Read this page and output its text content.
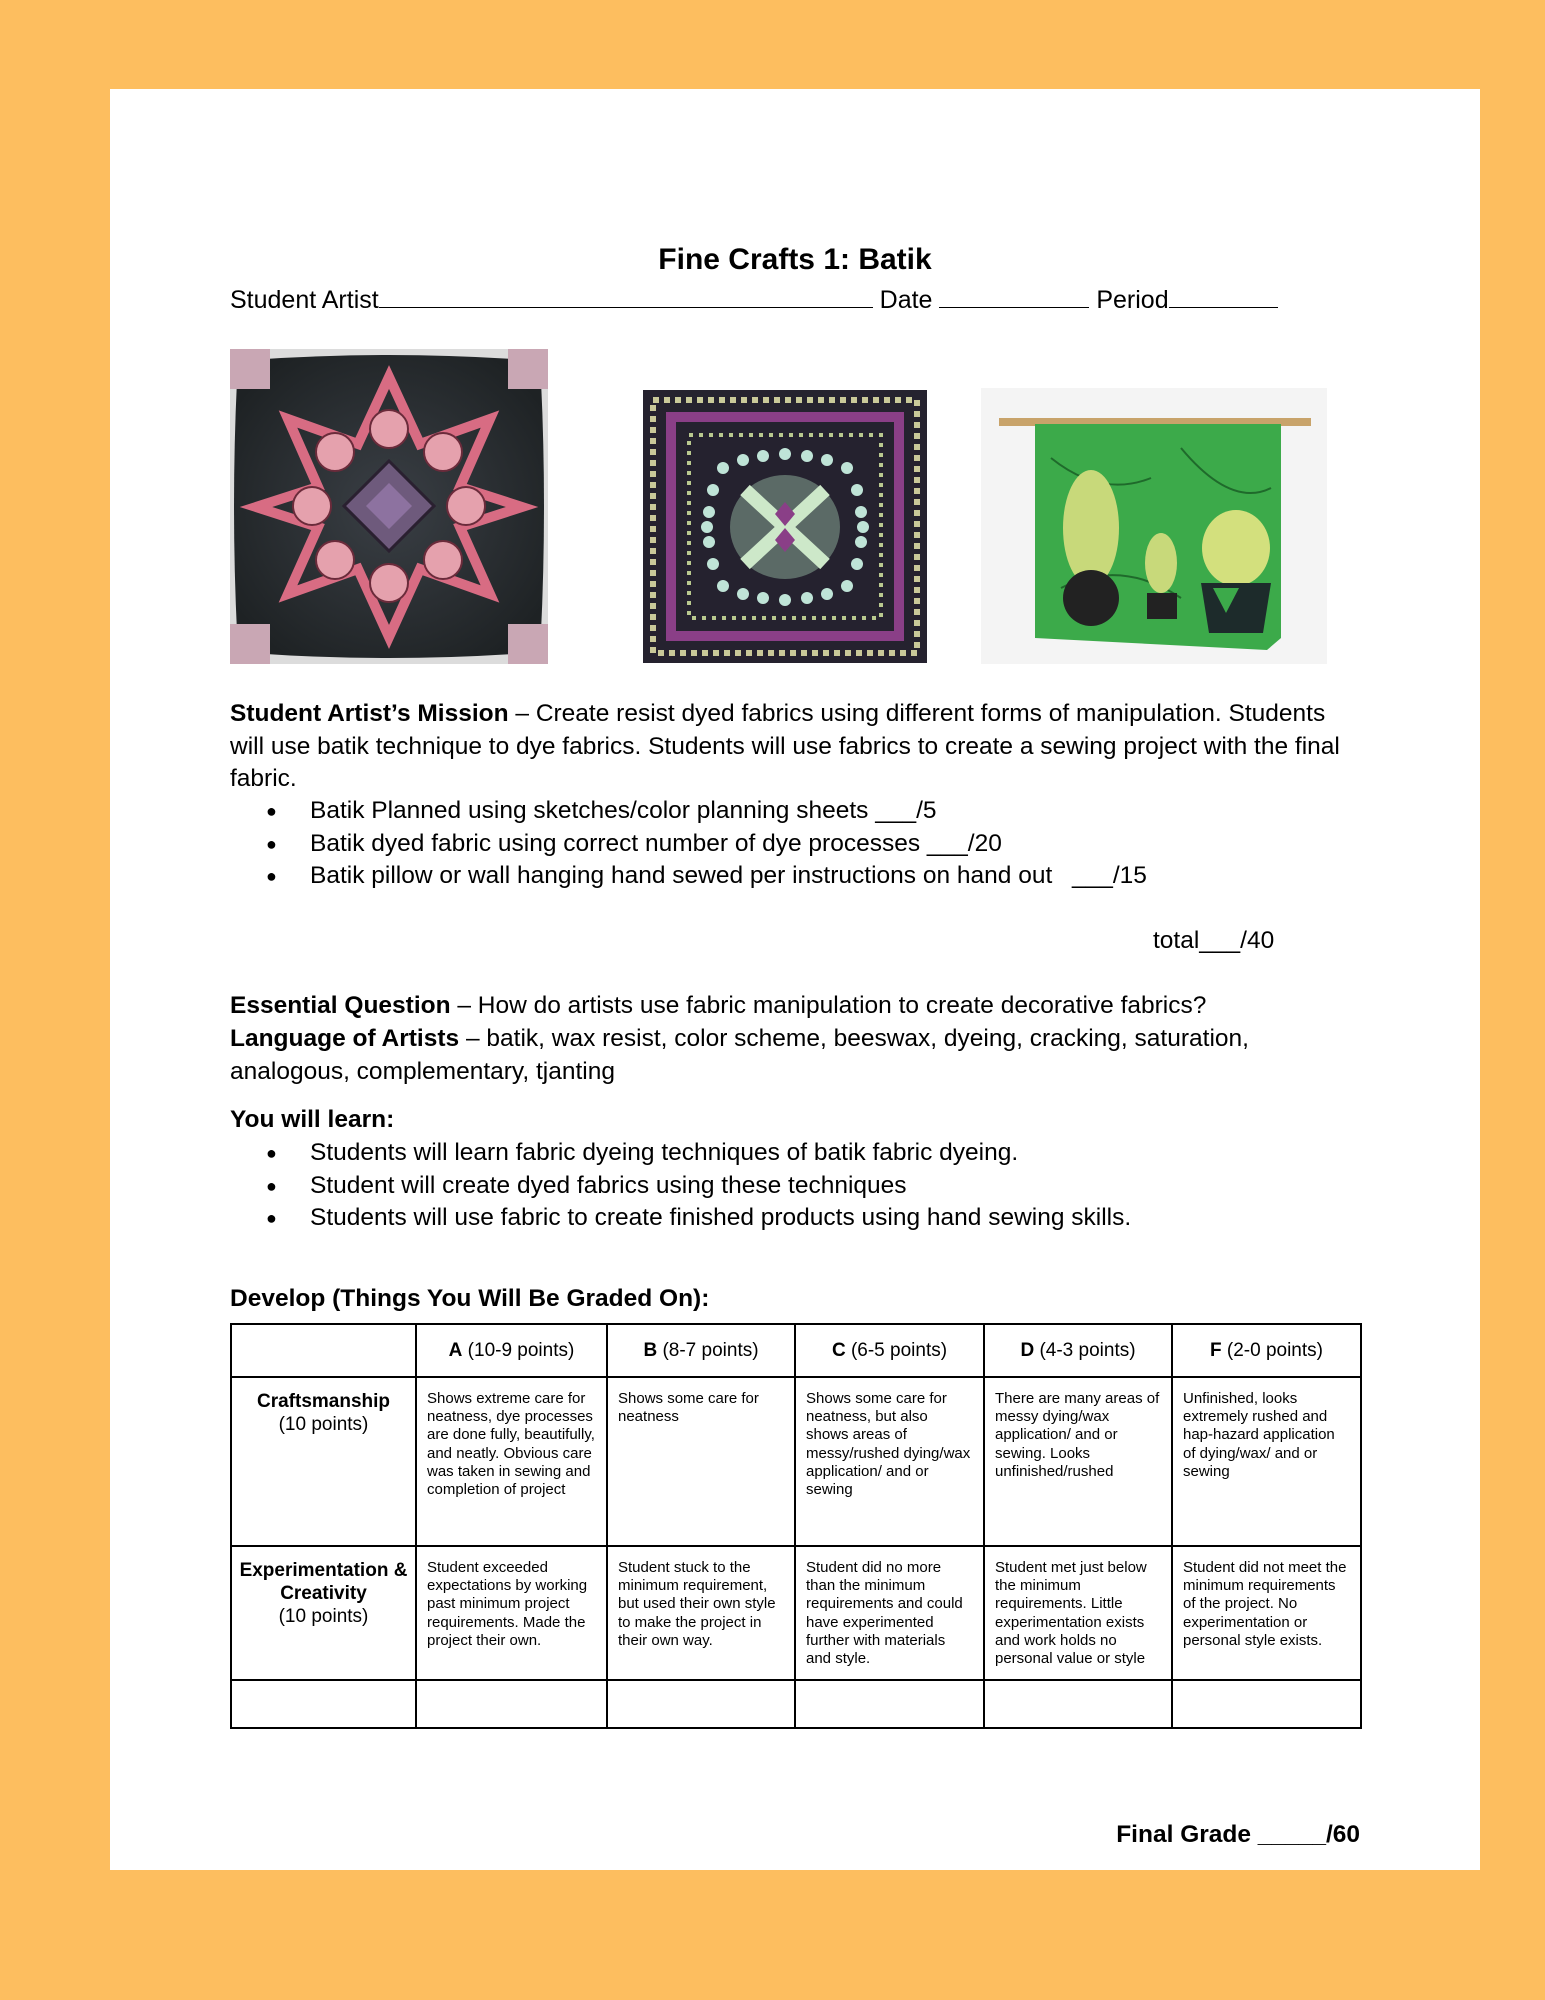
Fine Crafts 1: Batik
Student Artist	Date	Period
Student Artist’s Mission – Create resist dyed fabrics using different forms of manipulation. Students will use batik technique to dye fabrics. Students will use fabrics to create a sewing project with the final fabric.
● Batik Planned using sketches/color planning sheets ___/5
● Batik dyed fabric using correct number of dye processes ___/20
● Batik pillow or wall hanging hand sewed per instructions on hand out ___/15
total___/40
Essential Question – How do artists use fabric manipulation to create decorative fabrics?
Language of Artists – batik, wax resist, color scheme, beeswax, dyeing, cracking, saturation, analogous, complementary, tjanting
You will learn:
● Students will learn fabric dyeing techniques of batik fabric dyeing.
● Student will create dyed fabrics using these techniques
● Students will use fabric to create finished products using hand sewing skills.
Develop (Things You Will Be Graded On):
	A (10-9 points)	B (8-7 points)	C (6-5 points)	D (4-3 points)	F (2-0 points)

Craftsmanship
(10 points)	Shows extreme care for neatness, dye processes are done fully, beautifully, and neatly. Obvious care was taken in sewing and completion of project	Shows some care for neatness	Shows some care for neatness, but also shows areas of messy/rushed dying/wax application/ and or sewing	There are many areas of messy dying/wax application/ and or sewing. Looks unfinished/rushed	Unfinished, looks extremely rushed and hap-hazard application of dying/wax/ and or sewing

Experimentation & Creativity
(10 points)	Student exceeded expectations by working past minimum project requirements. Made the project their own.	Student stuck to the minimum requirement, but used their own style to make the project in their own way.	Student did no more than the minimum requirements and could have experimented further with materials and style.	Student met just below the minimum requirements. Little experimentation exists and work holds no personal value or style	Student did not meet the minimum requirements of the project. No experimentation or personal style exists.

Final Grade _____/60
